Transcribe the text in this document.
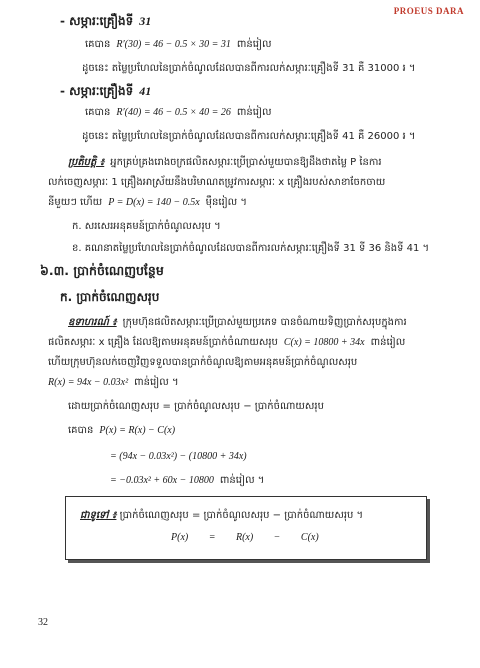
PROEUS DARA
- សម្ភារៈគ្រឿងទី 31
គេបាន R′(30) = 46 − 0.5 × 30 = 31 ពាន់រៀល
ដូចនេះ តម្លៃប្រហែលនៃប្រាក់ចំណូលដែលបានពីការលក់សម្ភារៈគ្រឿងទី 31 គឺ 31000 ៛ ។
- សម្ភារៈគ្រឿងទី 41
គេបាន R′(40) = 46 − 0.5 × 40 = 26 ពាន់រៀល
ដូចនេះ តម្លៃប្រហែលនៃប្រាក់ចំណូលដែលបានពីការលក់សម្ភារៈគ្រឿងទី 41 គឺ 26000 ៛ ។
ប្រតិបត្តិ ៖ អ្នកគ្រប់គ្រងរោងចក្រផលិតសម្ភារៈប្រើប្រាស់មួយបានឱ្យដឹងថាតម្លៃ P នៃការ
លក់ចេញសម្ភារៈ 1 គ្រឿងអាស្រ័យនឹងបរិមាណតម្រូវការសម្ភារៈ x គ្រឿងរបស់សាខាចែកចាយ
នីមួយៗ ហើយ P = D(x) = 140 − 0.5x ម៉ឺនរៀល ។
ក. សរសេរអនុគមន៍ប្រាក់ចំណូលសរុប ។
ខ. គណនាតម្លៃប្រហែលនៃប្រាក់ចំណូលដែលបានពីការលក់សម្ភារៈគ្រឿងទី 31 ទី 36 និងទី 41 ។
៦.៣. ប្រាក់ចំណេញបន្ថែម
ក. ប្រាក់ចំណេញសរុប
ឧទាហរណ៍ ៖ ក្រុមហ៊ុនផលិតសម្ភារៈប្រើប្រាស់មួយប្រភេទ បានចំណាយទិញប្រាក់សរុបក្នុងការ
ផលិតសម្ភារៈ x គ្រឿង ដែលឱ្យតាមអនុគមន៍ប្រាក់ចំណាយសរុប C(x) = 10800 + 34x ពាន់រៀល
ហើយក្រុមហ៊ុនលក់ចេញវិញទទួលបានប្រាក់ចំណូលឱ្យតាមអនុគមន៍ប្រាក់ចំណូលសរុប
R(x) = 94x − 0.03x² ពាន់រៀល ។
ដោយប្រាក់ចំណេញសរុប = ប្រាក់ចំណូលសរុប − ប្រាក់ចំណាយសរុប
គេបាន P(x) = R(x) − C(x)
= (94x − 0.03x²) − (10800 + 34x)
= −0.03x² + 60x − 10800 ពាន់រៀល ។
ជាទូទៅ ៖ ប្រាក់ចំណេញសរុប = ប្រាក់ចំណូលសរុប − ប្រាក់ចំណាយសរុប ។
P(x) = R(x) − C(x)
32
